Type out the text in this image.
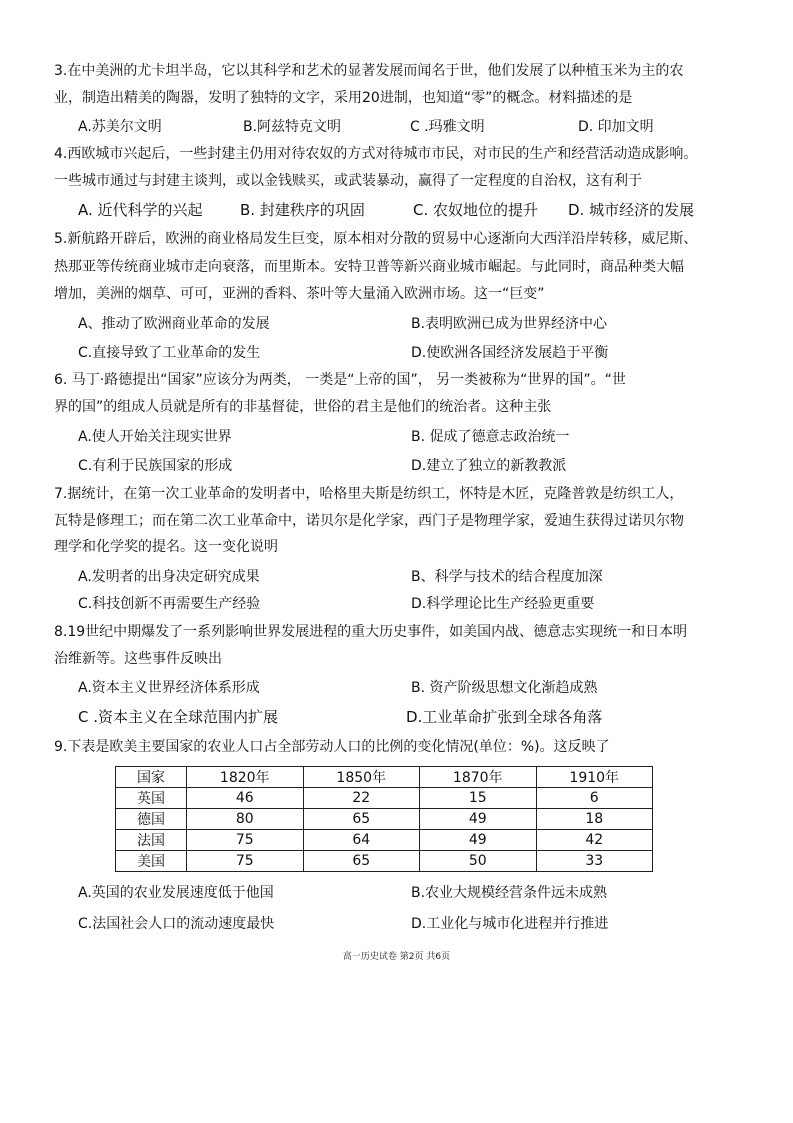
3.在中美洲的尤卡坦半岛，它以其科学和艺术的显著发展而闻名于世，他们发展了以种植玉米为主的农
业，制造出精美的陶器，发明了独特的文字，采用20进制，也知道“零”的概念。材料描述的是
A.苏美尔文明	B.阿兹特克文明	C .玛雅文明	D. 印加文明
4.西欧城市兴起后，一些封建主仍用对待农奴的方式对待城市市民，对市民的生产和经营活动造成影响。
一些城市通过与封建主谈判，或以金钱赎买，或武装暴动，赢得了一定程度的自治权，这有利于
A. 近代科学的兴起 B. 封建秩序的巩固	C. 农奴地位的提升 D. 城市经济的发展
5.新航路开辟后，欧洲的商业格局发生巨变，原本相对分散的贸易中心逐渐向大西洋沿岸转移，威尼斯、
热那亚等传统商业城市走向衰落，而里斯本。安特卫普等新兴商业城市崛起。与此同时，商品种类大幅
增加，美洲的烟草、可可，亚洲的香料、茶叶等大量涌入欧洲市场。这一“巨变”
A、推动了欧洲商业革命的发展	B.表明欧洲已成为世界经济中心
C.直接导致了工业革命的发生	D.使欧洲各国经济发展趋于平衡
6. 马丁·路德提出“国家”应该分为两类， 一类是“上帝的国”， 另一类被称为“世界的国”。“世
界的国”的组成人员就是所有的非基督徒，世俗的君主是他们的统治者。这种主张
A.使人开始关注现实世界	B. 促成了德意志政治统一
C.有利于民族国家的形成	D.建立了独立的新教教派
7.据统计，在第一次工业革命的发明者中，哈格里夫斯是纺织工，怀特是木匠，克隆普敦是纺织工人，
瓦特是修理工；而在第二次工业革命中，诺贝尔是化学家，西门子是物理学家，爱迪生获得过诺贝尔物
理学和化学奖的提名。这一变化说明
A.发明者的出身决定研究成果	B、科学与技术的结合程度加深
C.科技创新不再需要生产经验	D.科学理论比生产经验更重要
8.19世纪中期爆发了一系列影响世界发展进程的重大历史事件，如美国内战、德意志实现统一和日本明
治维新等。这些事件反映出
A.资本主义世界经济体系形成	B. 资产阶级思想文化渐趋成熟
C .资本主义在全球范围内扩展	D.工业革命扩张到全球各角落
9.下表是欧美主要国家的农业人口占全部劳动人口的比例的变化情况(单位：%)。这反映了
国家	1820年	1850年	1870年	1910年
英国	46	22	15	6
德国	80	65	49	18
法国	75	64	49	42
美国	75	65	50	33
A.英国的农业发展速度低于他国	B.农业大规模经营条件远未成熟
C.法国社会人口的流动速度最快	D.工业化与城市化进程并行推进
高一历史试卷 第2页 共6页
